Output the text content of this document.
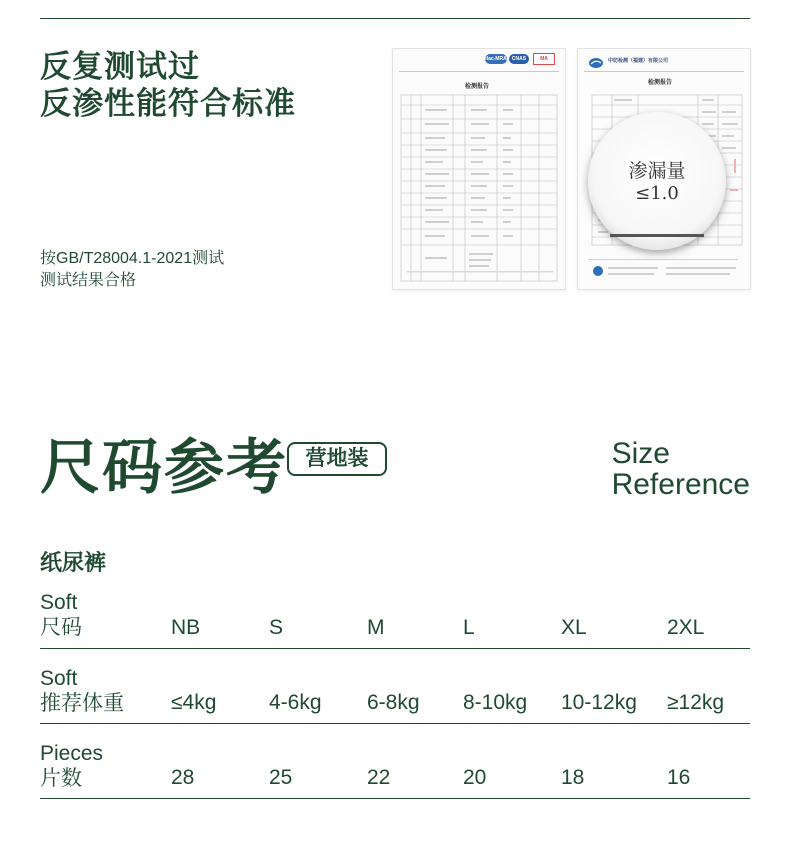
反复测试过
反渗性能符合标准
按GB/T28004.1-2021测试
测试结果合格
ilac-MRA	CNAS	MA
检测报告
中纺检测（福建）有限公司
检测报告
渗漏量
≤1.0
尺码参考 营地装	Size
Reference
纸尿裤
Soft
尺码	NB	S	M	L	XL	2XL
Soft
推荐体重 ≤4kg	4-6kg 6-8kg 8-10kg 10-12kg ≥12kg
Pieces
片数	28	25	22	20	18	16
